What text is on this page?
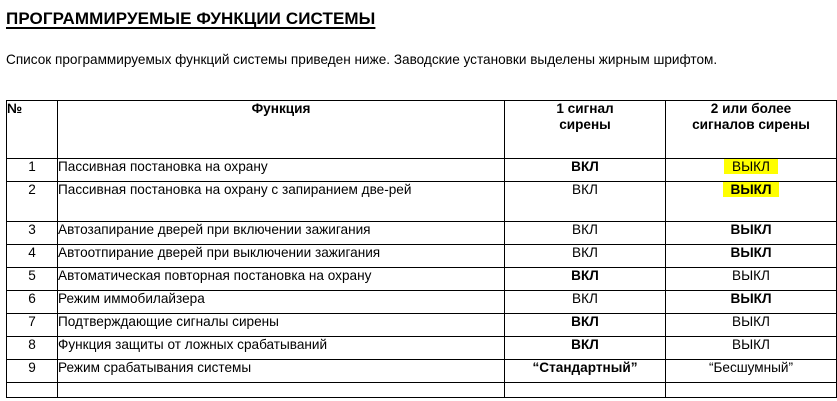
ПРОГРАММИРУЕМЫЕ ФУНКЦИИ СИСТЕМЫ
Список программируемых функций системы приведен ниже. Заводские установки выделены жирным шрифтом.
№	Функция	1 сигнал сирены	2 или более сигналов сирены

1	Пассивная постановка на охрану	ВКЛ	ВЫКЛ
2	Пассивная постановка на охрану с запиранием две-рей	ВКЛ	ВЫКЛ
3	Автозапирание дверей при включении зажигания	ВКЛ	ВЫКЛ
4	Автоотпирание дверей при выключении зажигания	ВКЛ	ВЫКЛ
5	Автоматическая повторная постановка на охрану	ВКЛ	ВЫКЛ
6	Режим иммобилайзера	ВКЛ	ВЫКЛ
7	Подтверждающие сигналы сирены	ВКЛ	ВЫКЛ
8	Функция защиты от ложных срабатываний	ВКЛ	ВЫКЛ
9	Режим срабатывания системы	“Стандартный”	“Бесшумный”
